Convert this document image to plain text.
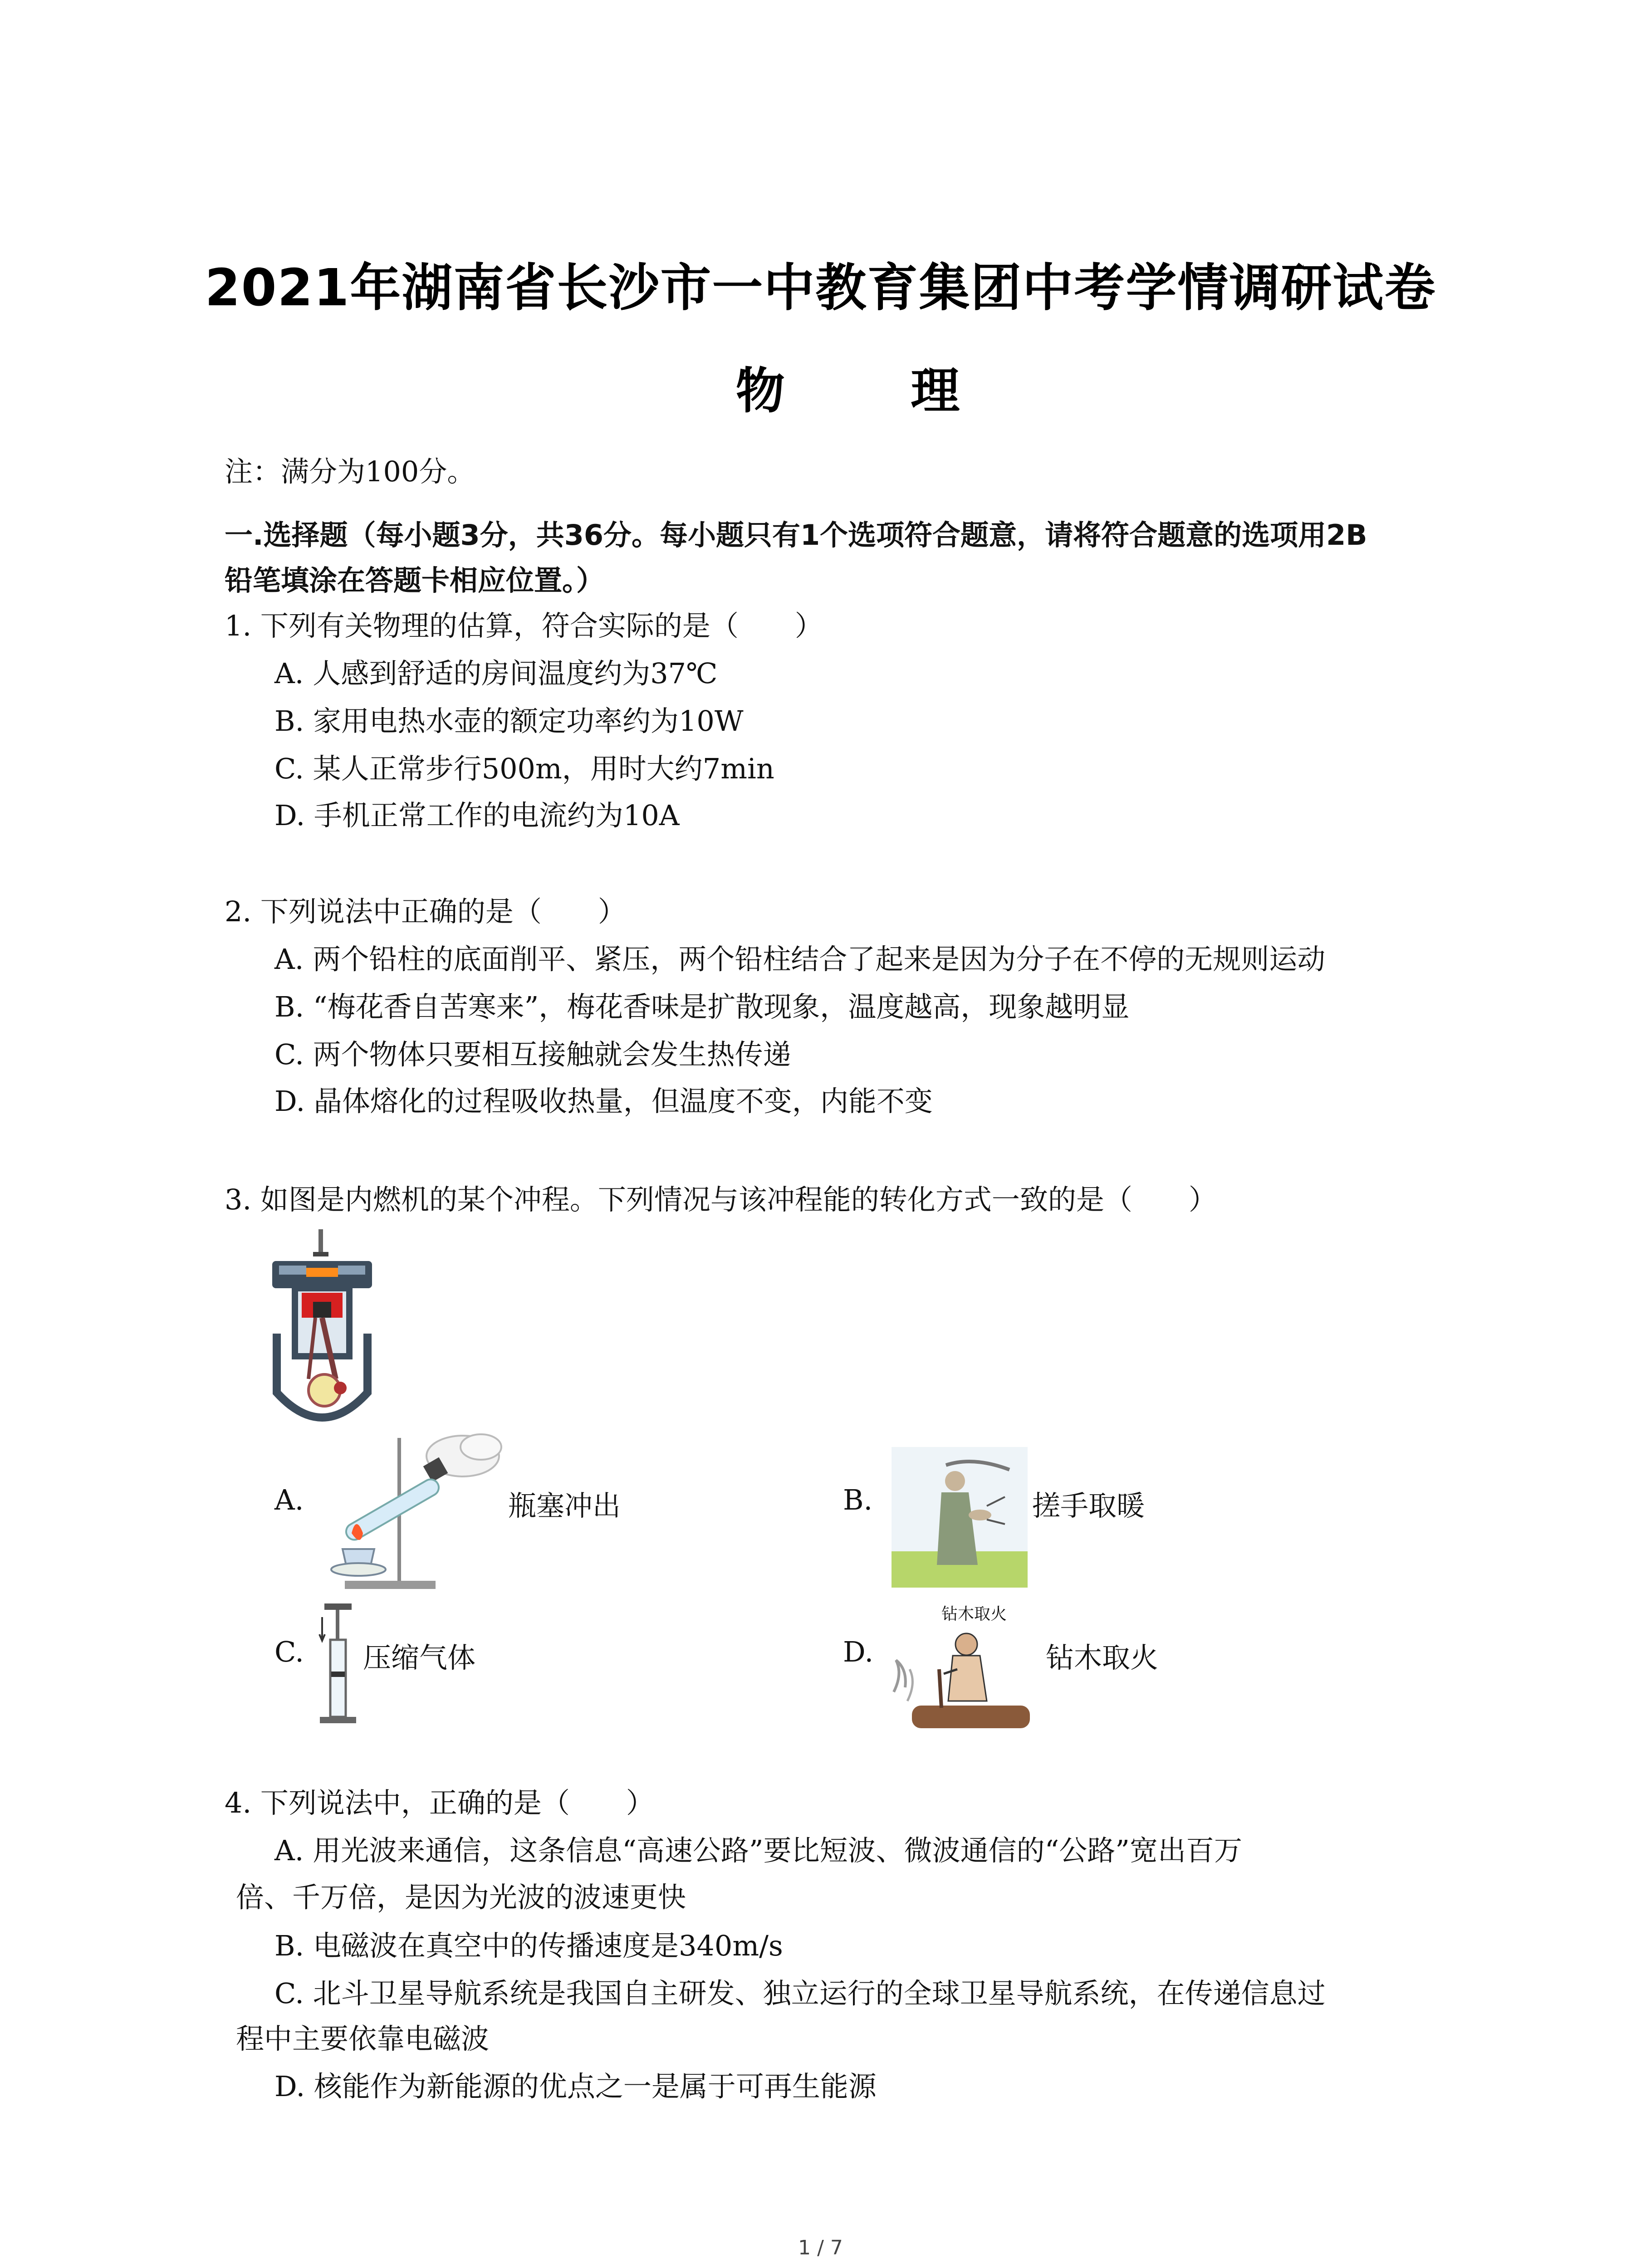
2021年湖南省长沙市一中教育集团中考学情调研试卷
物 理
注：满分为100分。
一.选择题（每小题3分，共36分。每小题只有1个选项符合题意，请将符合题意的选项用2B
铅笔填涂在答题卡相应位置。）
1. 下列有关物理的估算，符合实际的是（　　）
A. 人感到舒适的房间温度约为37℃
B. 家用电热水壶的额定功率约为10W
C. 某人正常步行500m，用时大约7min
D. 手机正常工作的电流约为10A
2. 下列说法中正确的是（　　）
A. 两个铅柱的底面削平、紧压，两个铅柱结合了起来是因为分子在不停的无规则运动
B. “梅花香自苦寒来”，梅花香味是扩散现象，温度越高，现象越明显
C. 两个物体只要相互接触就会发生热传递
D. 晶体熔化的过程吸收热量，但温度不变，内能不变
3. 如图是内燃机的某个冲程。下列情况与该冲程能的转化方式一致的是（　　）
A.	瓶塞冲出	B.	搓手取暖
C. 压缩气体	D.
钻木取火
钻木取火
4. 下列说法中，正确的是（　　）
A. 用光波来通信，这条信息“高速公路”要比短波、微波通信的“公路”宽出百万
倍、千万倍，是因为光波的波速更快
B. 电磁波在真空中的传播速度是340m/s
C. 北斗卫星导航系统是我国自主研发、独立运行的全球卫星导航系统，在传递信息过
程中主要依靠电磁波
D. 核能作为新能源的优点之一是属于可再生能源
1 / 7
